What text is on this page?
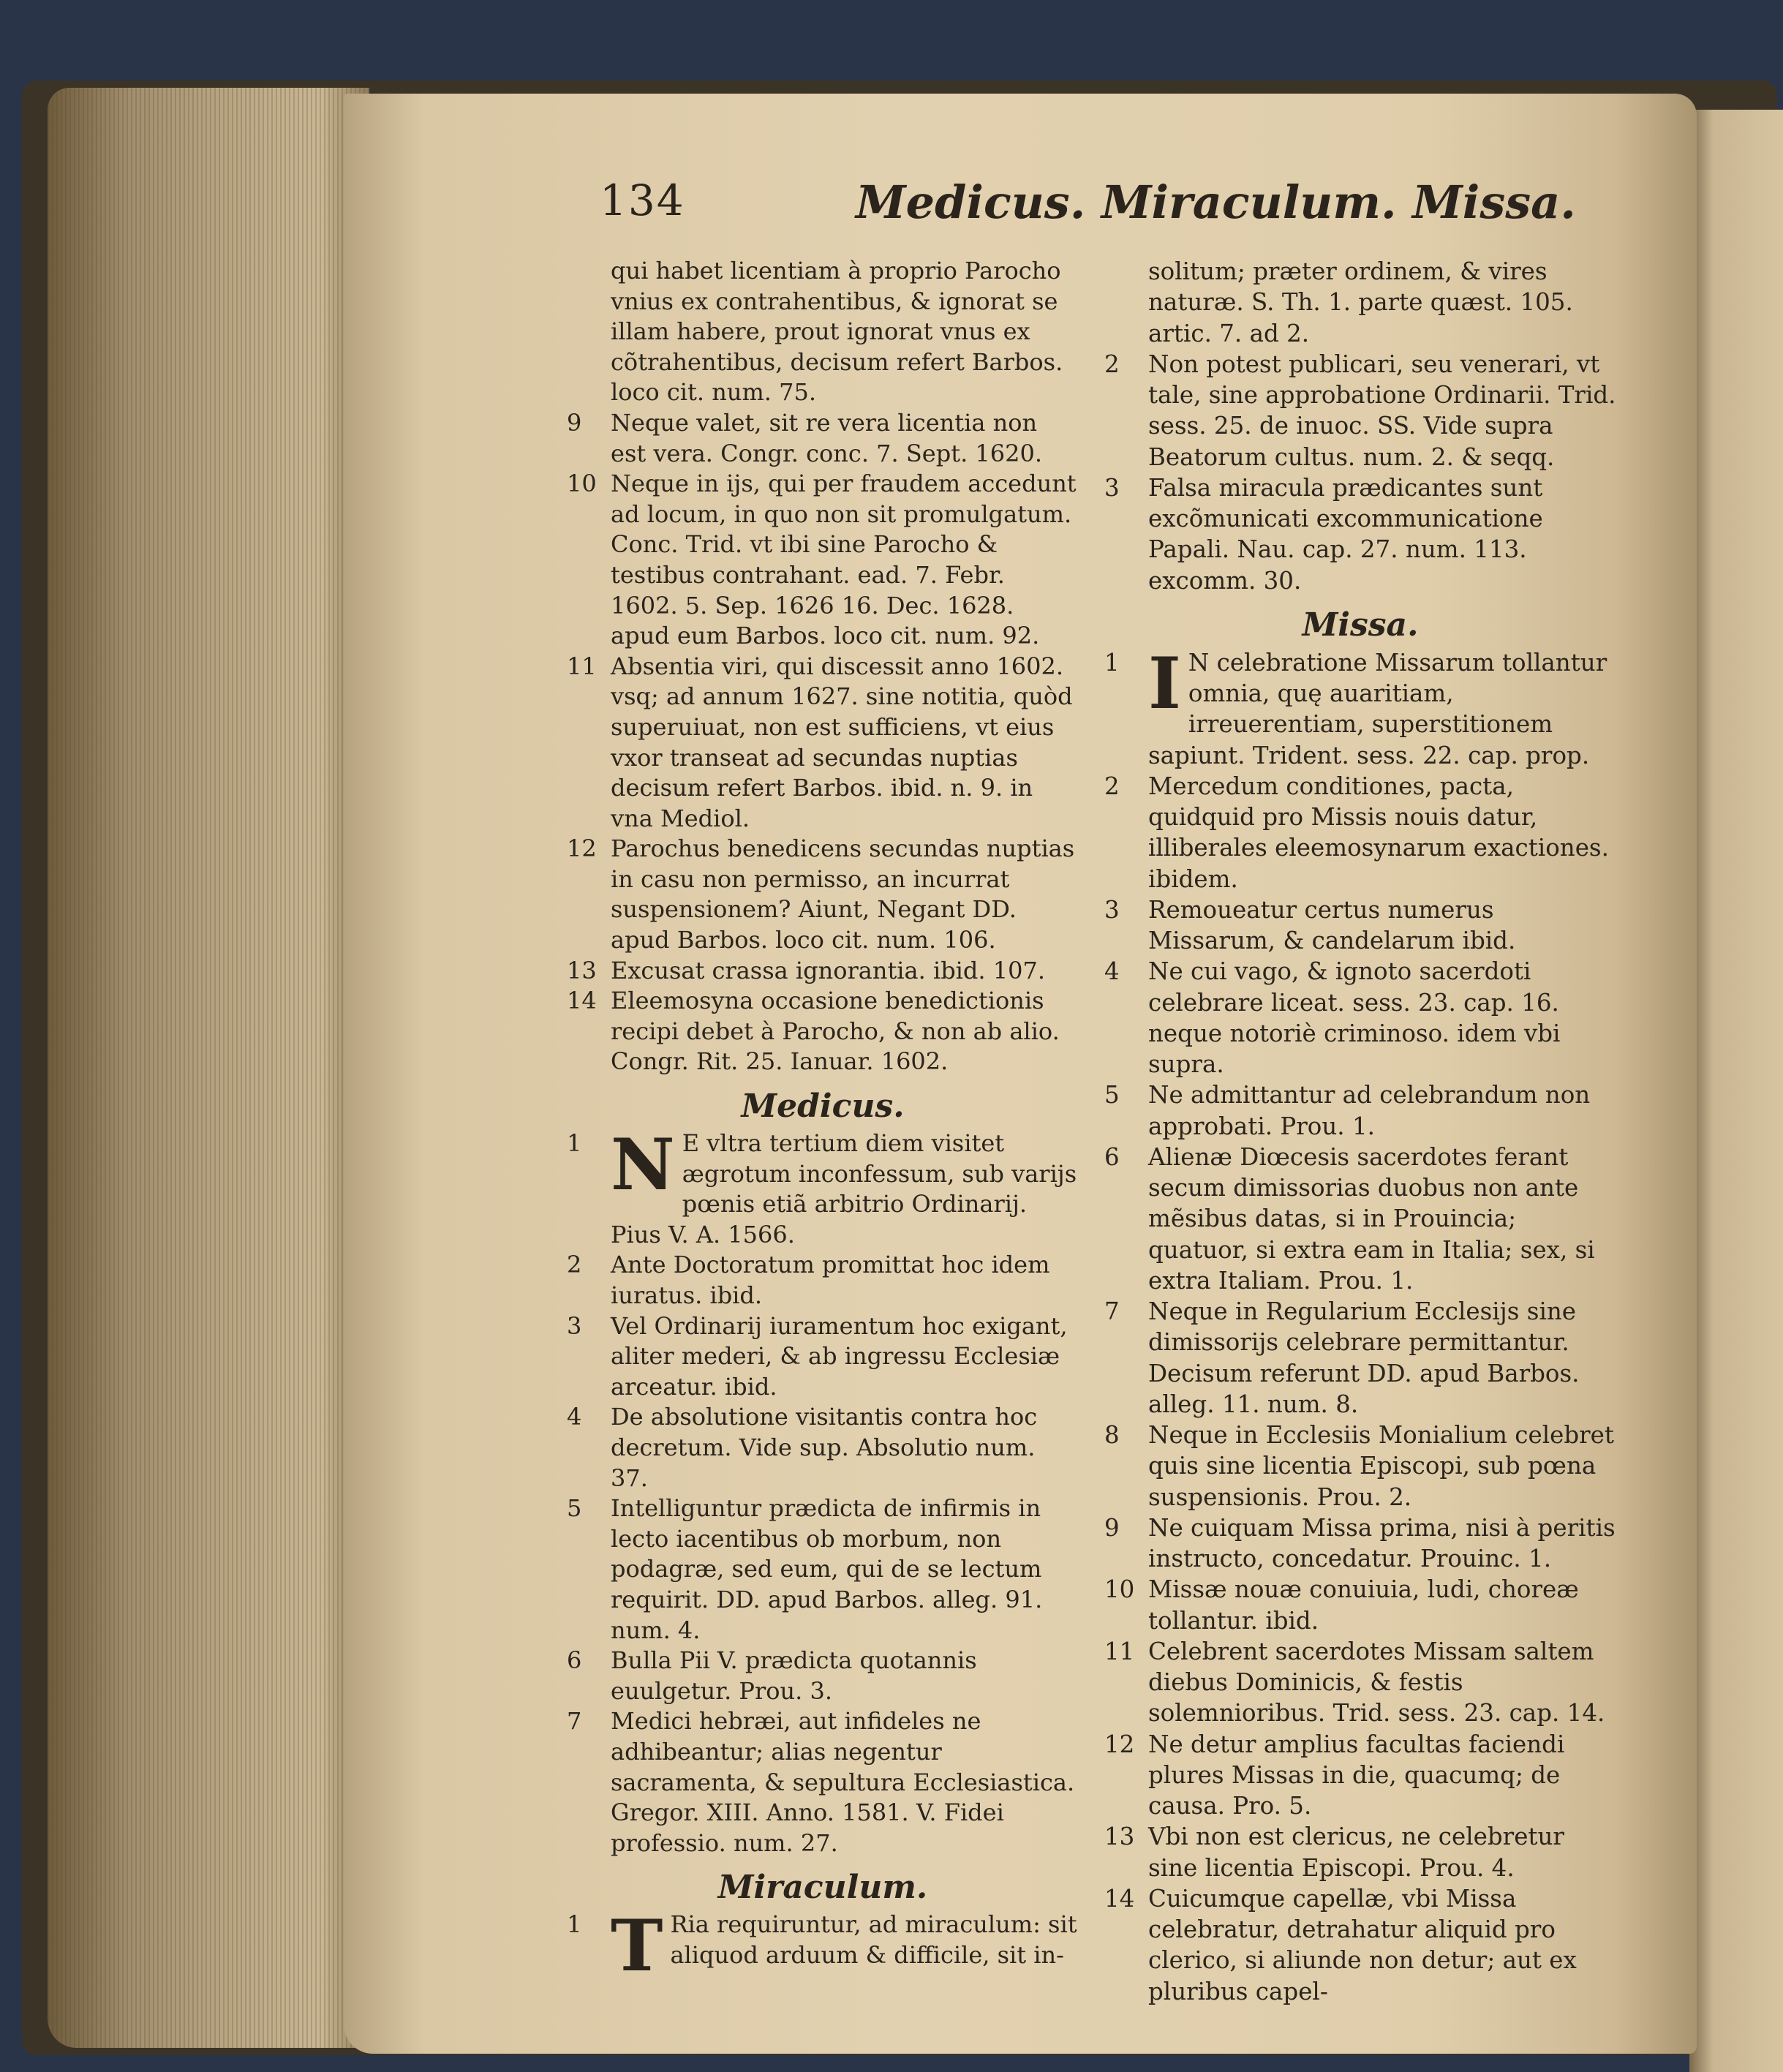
134	Medicus. Miraculum. Missa.
qui habet licentiam à proprio Parocho vnius ex contrahentibus, & ignorat se illam habere, prout ignorat vnus ex cõtrahentibus, decisum refert Barbos. loco cit. num. 75.
9	Neque valet, sit re vera licentia non est vera. Congr. conc. 7. Sept. 1620.
10 Neque in ijs, qui per fraudem accedunt ad locum, in quo non sit promulgatum. Conc. Trid. vt ibi sine Parocho & testibus contrahant. ead. 7. Febr. 1602. 5. Sep. 1626 16. Dec. 1628. apud eum Barbos. loco cit. num. 92.
11 Absentia viri, qui discessit anno 1602. vsq; ad annum 1627. sine notitia, quòd superuiuat, non est sufficiens, vt eius vxor transeat ad secundas nuptias decisum refert Barbos. ibid. n. 9. in vna Mediol.
12 Parochus benedicens secundas nuptias in casu non permisso, an incurrat suspensionem? Aiunt, Negant DD. apud Barbos. loco cit. num. 106.
13 Excusat crassa ignorantia. ibid. 107.
14 Eleemosyna occasione benedictionis recipi debet à Parocho, & non ab alio. Congr. Rit. 25. Ianuar. 1602.
Medicus.
1 N E vltra tertium diem visitet ægrotum inconfessum, sub varijs pœnis etiã arbitrio Ordinarij. Pius V. A. 1566.
2	Ante Doctoratum promittat hoc idem iuratus. ibid.
3	Vel Ordinarij iuramentum hoc exigant, aliter mederi, & ab ingressu Ecclesiæ arceatur. ibid.
4	De absolutione visitantis contra hoc decretum. Vide sup. Absolutio num. 37.
5	Intelliguntur prædicta de infirmis in lecto iacentibus ob morbum, non podagræ, sed eum, qui de se lectum requirit. DD. apud Barbos. alleg. 91. num. 4.
6	Bulla Pii V. prædicta quotannis euulgetur. Prou. 3.
7	Medici hebræi, aut infideles ne adhibeantur; alias negentur sacramenta, & sepultura Ecclesiastica. Gregor. XIII. Anno. 1581. V. Fidei professio. num. 27.
Miraculum.
1 T Ria requiruntur, ad miraculum: sit aliquod arduum & difficile, sit in-
solitum; præter ordinem, & vires naturæ. S. Th. 1. parte quæst. 105. artic. 7. ad 2.
2	Non potest publicari, seu venerari, vt tale, sine approbatione Ordinarii. Trid. sess. 25. de inuoc. SS. Vide supra Beatorum cultus. num. 2. & seqq.
3	Falsa miracula prædicantes sunt excõmunicati excommunicatione Papali. Nau. cap. 27. num. 113. excomm. 30.
Missa.
1 I N celebratione Missarum tollantur omnia, quę auaritiam, irreuerentiam, superstitionem sapiunt. Trident. sess. 22. cap. prop.
2	Mercedum conditiones, pacta, quidquid pro Missis nouis datur, illiberales eleemosynarum exactiones. ibidem.
3	Remoueatur certus numerus Missarum, & candelarum ibid.
4	Ne cui vago, & ignoto sacerdoti celebrare liceat. sess. 23. cap. 16. neque notoriè criminoso. idem vbi supra.
5	Ne admittantur ad celebrandum non approbati. Prou. 1.
6	Alienæ Diœcesis sacerdotes ferant secum dimissorias duobus non ante mẽsibus datas, si in Prouincia; quatuor, si extra eam in Italia; sex, si extra Italiam. Prou. 1.
7	Neque in Regularium Ecclesijs sine dimissorijs celebrare permittantur. Decisum referunt DD. apud Barbos. alleg. 11. num. 8.
8	Neque in Ecclesiis Monialium celebret quis sine licentia Episcopi, sub pœna suspensionis. Prou. 2.
9	Ne cuiquam Missa prima, nisi à peritis instructo, concedatur. Prouinc. 1.
10 Missæ nouæ conuiuia, ludi, choreæ tollantur. ibid.
11 Celebrent sacerdotes Missam saltem diebus Dominicis, & festis solemnioribus. Trid. sess. 23. cap. 14.
12 Ne detur amplius facultas faciendi plures Missas in die, quacumq; de causa. Pro. 5.
13 Vbi non est clericus, ne celebretur sine licentia Episcopi. Prou. 4.
14 Cuicumque capellæ, vbi Missa celebratur, detrahatur aliquid pro clerico, si aliunde non detur; aut ex pluribus capel-
